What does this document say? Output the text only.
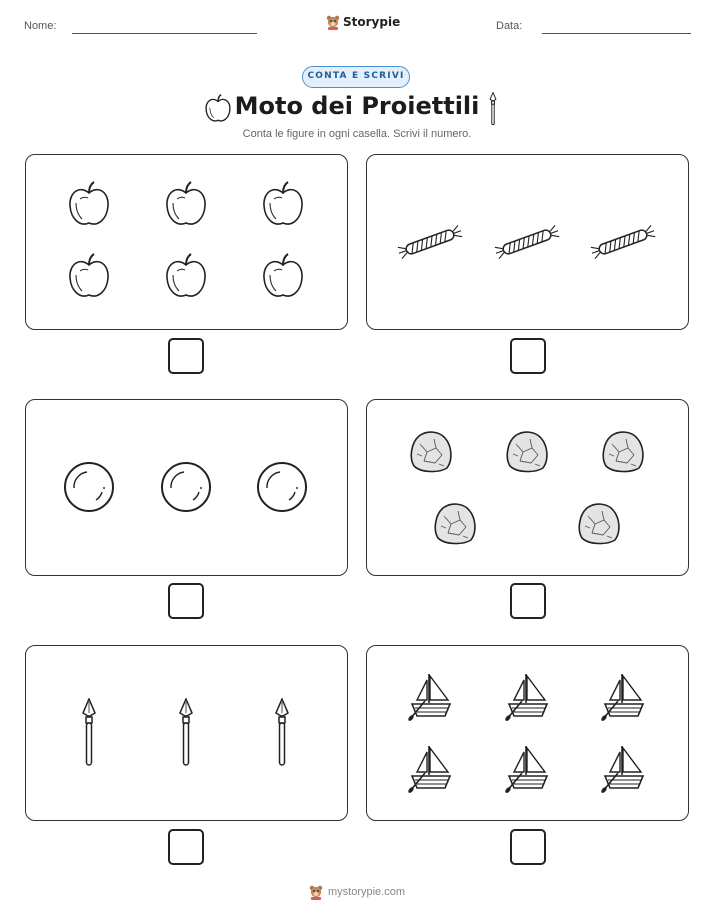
Nome:	Storypie	Data:
CONTA E SCRIVI
Moto dei Proiettili
Conta le figure in ogni casella. Scrivi il numero.
mystorypie.com
